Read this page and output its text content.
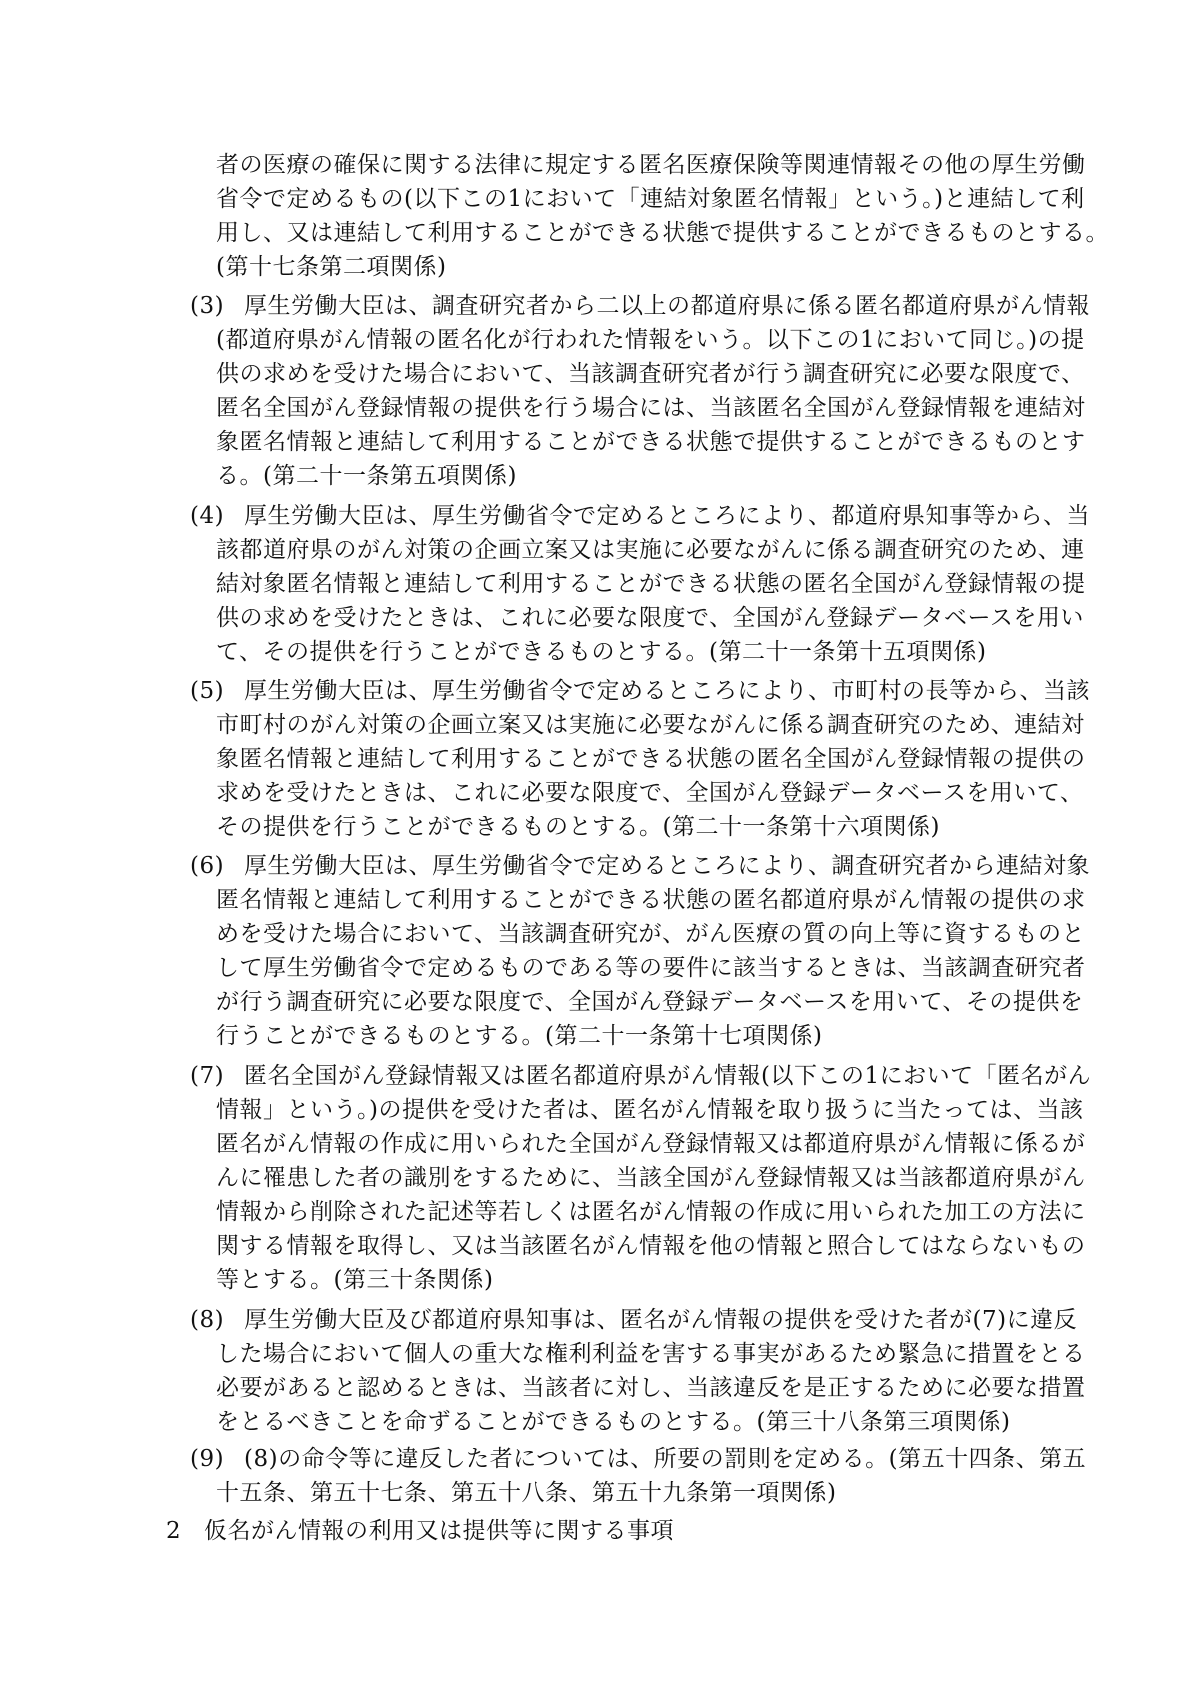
者の医療の確保に関する法律に規定する匿名医療保険等関連情報その他の厚生労働
省令で定めるもの(以下この1において「連結対象匿名情報」という。)と連結して利
用し、又は連結して利用することができる状態で提供することができるものとする。
(第十七条第二項関係)
(3) 厚生労働大臣は、調査研究者から二以上の都道府県に係る匿名都道府県がん情報
(都道府県がん情報の匿名化が行われた情報をいう。以下この1において同じ。)の提
供の求めを受けた場合において、当該調査研究者が行う調査研究に必要な限度で、
匿名全国がん登録情報の提供を行う場合には、当該匿名全国がん登録情報を連結対
象匿名情報と連結して利用することができる状態で提供することができるものとす
る。(第二十一条第五項関係)
(4) 厚生労働大臣は、厚生労働省令で定めるところにより、都道府県知事等から、当
該都道府県のがん対策の企画立案又は実施に必要ながんに係る調査研究のため、連
結対象匿名情報と連結して利用することができる状態の匿名全国がん登録情報の提
供の求めを受けたときは、これに必要な限度で、全国がん登録データベースを用い
て、その提供を行うことができるものとする。(第二十一条第十五項関係)
(5) 厚生労働大臣は、厚生労働省令で定めるところにより、市町村の長等から、当該
市町村のがん対策の企画立案又は実施に必要ながんに係る調査研究のため、連結対
象匿名情報と連結して利用することができる状態の匿名全国がん登録情報の提供の
求めを受けたときは、これに必要な限度で、全国がん登録データベースを用いて、
その提供を行うことができるものとする。(第二十一条第十六項関係)
(6) 厚生労働大臣は、厚生労働省令で定めるところにより、調査研究者から連結対象
匿名情報と連結して利用することができる状態の匿名都道府県がん情報の提供の求
めを受けた場合において、当該調査研究が、がん医療の質の向上等に資するものと
して厚生労働省令で定めるものである等の要件に該当するときは、当該調査研究者
が行う調査研究に必要な限度で、全国がん登録データベースを用いて、その提供を
行うことができるものとする。(第二十一条第十七項関係)
(7) 匿名全国がん登録情報又は匿名都道府県がん情報(以下この1において「匿名がん
情報」という。)の提供を受けた者は、匿名がん情報を取り扱うに当たっては、当該
匿名がん情報の作成に用いられた全国がん登録情報又は都道府県がん情報に係るが
んに罹患した者の識別をするために、当該全国がん登録情報又は当該都道府県がん
情報から削除された記述等若しくは匿名がん情報の作成に用いられた加工の方法に
関する情報を取得し、又は当該匿名がん情報を他の情報と照合してはならないもの
等とする。(第三十条関係)
(8) 厚生労働大臣及び都道府県知事は、匿名がん情報の提供を受けた者が(7)に違反
した場合において個人の重大な権利利益を害する事実があるため緊急に措置をとる
必要があると認めるときは、当該者に対し、当該違反を是正するために必要な措置
をとるべきことを命ずることができるものとする。(第三十八条第三項関係)
(9) (8)の命令等に違反した者については、所要の罰則を定める。(第五十四条、第五
十五条、第五十七条、第五十八条、第五十九条第一項関係)
2 仮名がん情報の利用又は提供等に関する事項
